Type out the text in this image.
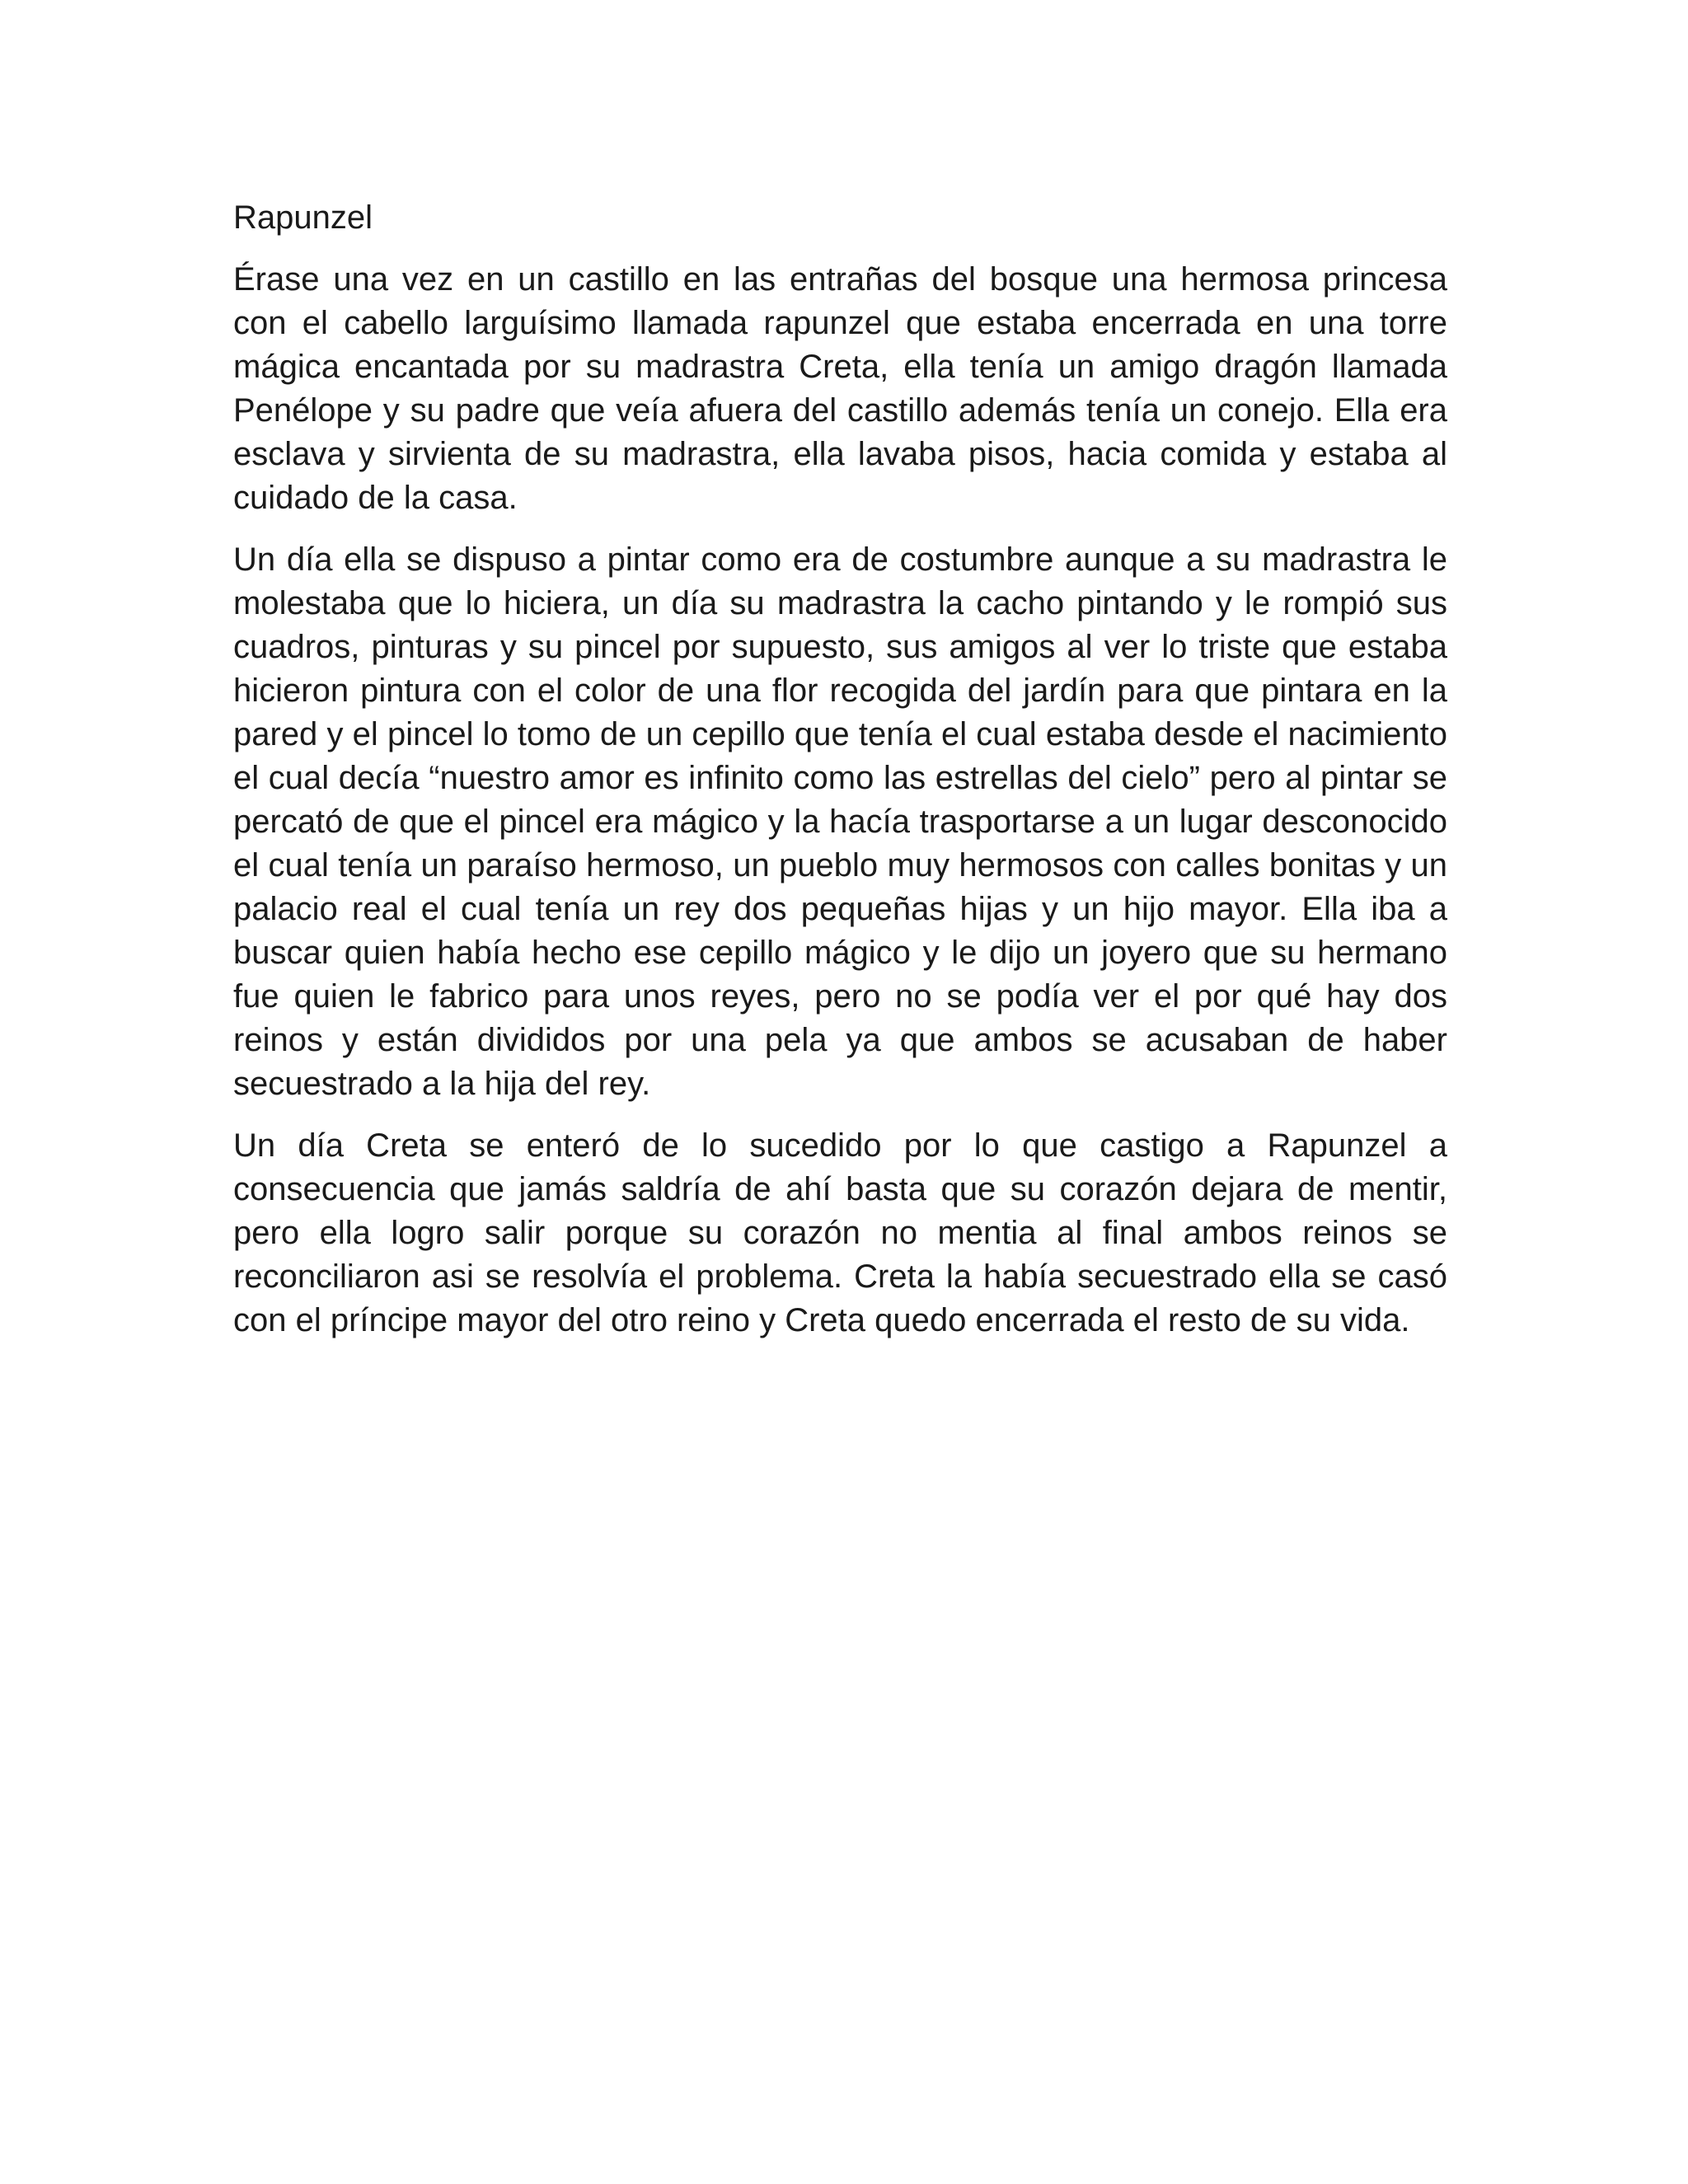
Rapunzel

Érase una vez en un castillo en las entrañas del bosque una hermosa princesa con el cabello larguísimo llamada rapunzel que estaba encerrada en una torre mágica encantada por su madrastra Creta, ella tenía un amigo dragón llamada Penélope y su padre que veía afuera del castillo además tenía un conejo. Ella era esclava y sirvienta de su madrastra, ella lavaba pisos, hacia comida y estaba al cuidado de la casa.

Un día ella se dispuso a pintar como era de costumbre aunque a su madrastra le molestaba que lo hiciera, un día su madrastra la cacho pintando y le rompió sus cuadros, pinturas y su pincel por supuesto, sus amigos al ver lo triste que estaba hicieron pintura con el color de una flor recogida del jardín para que pintara en la pared y el pincel lo tomo de un cepillo que tenía el cual estaba desde el nacimiento el cual decía “nuestro amor es infinito como las estrellas del cielo” pero al pintar se percató de que el pincel era mágico y la hacía trasportarse a un lugar desconocido el cual tenía un paraíso hermoso, un pueblo muy hermosos con calles bonitas y un palacio real el cual tenía un rey dos pequeñas hijas y un hijo mayor. Ella iba a buscar quien había hecho ese cepillo mágico y le dijo un joyero que su hermano fue quien le fabrico para unos reyes, pero no se podía ver el por qué hay dos reinos y están divididos por una pela ya que ambos se acusaban de haber secuestrado a la hija del rey.

Un día Creta se enteró de lo sucedido por lo que castigo a Rapunzel a consecuencia que jamás saldría de ahí basta que su corazón dejara de mentir, pero ella logro salir porque su corazón no mentia al final ambos reinos se reconciliaron asi se resolvía el problema. Creta la había secuestrado ella se casó con el príncipe mayor del otro reino y Creta quedo encerrada el resto de su vida.
